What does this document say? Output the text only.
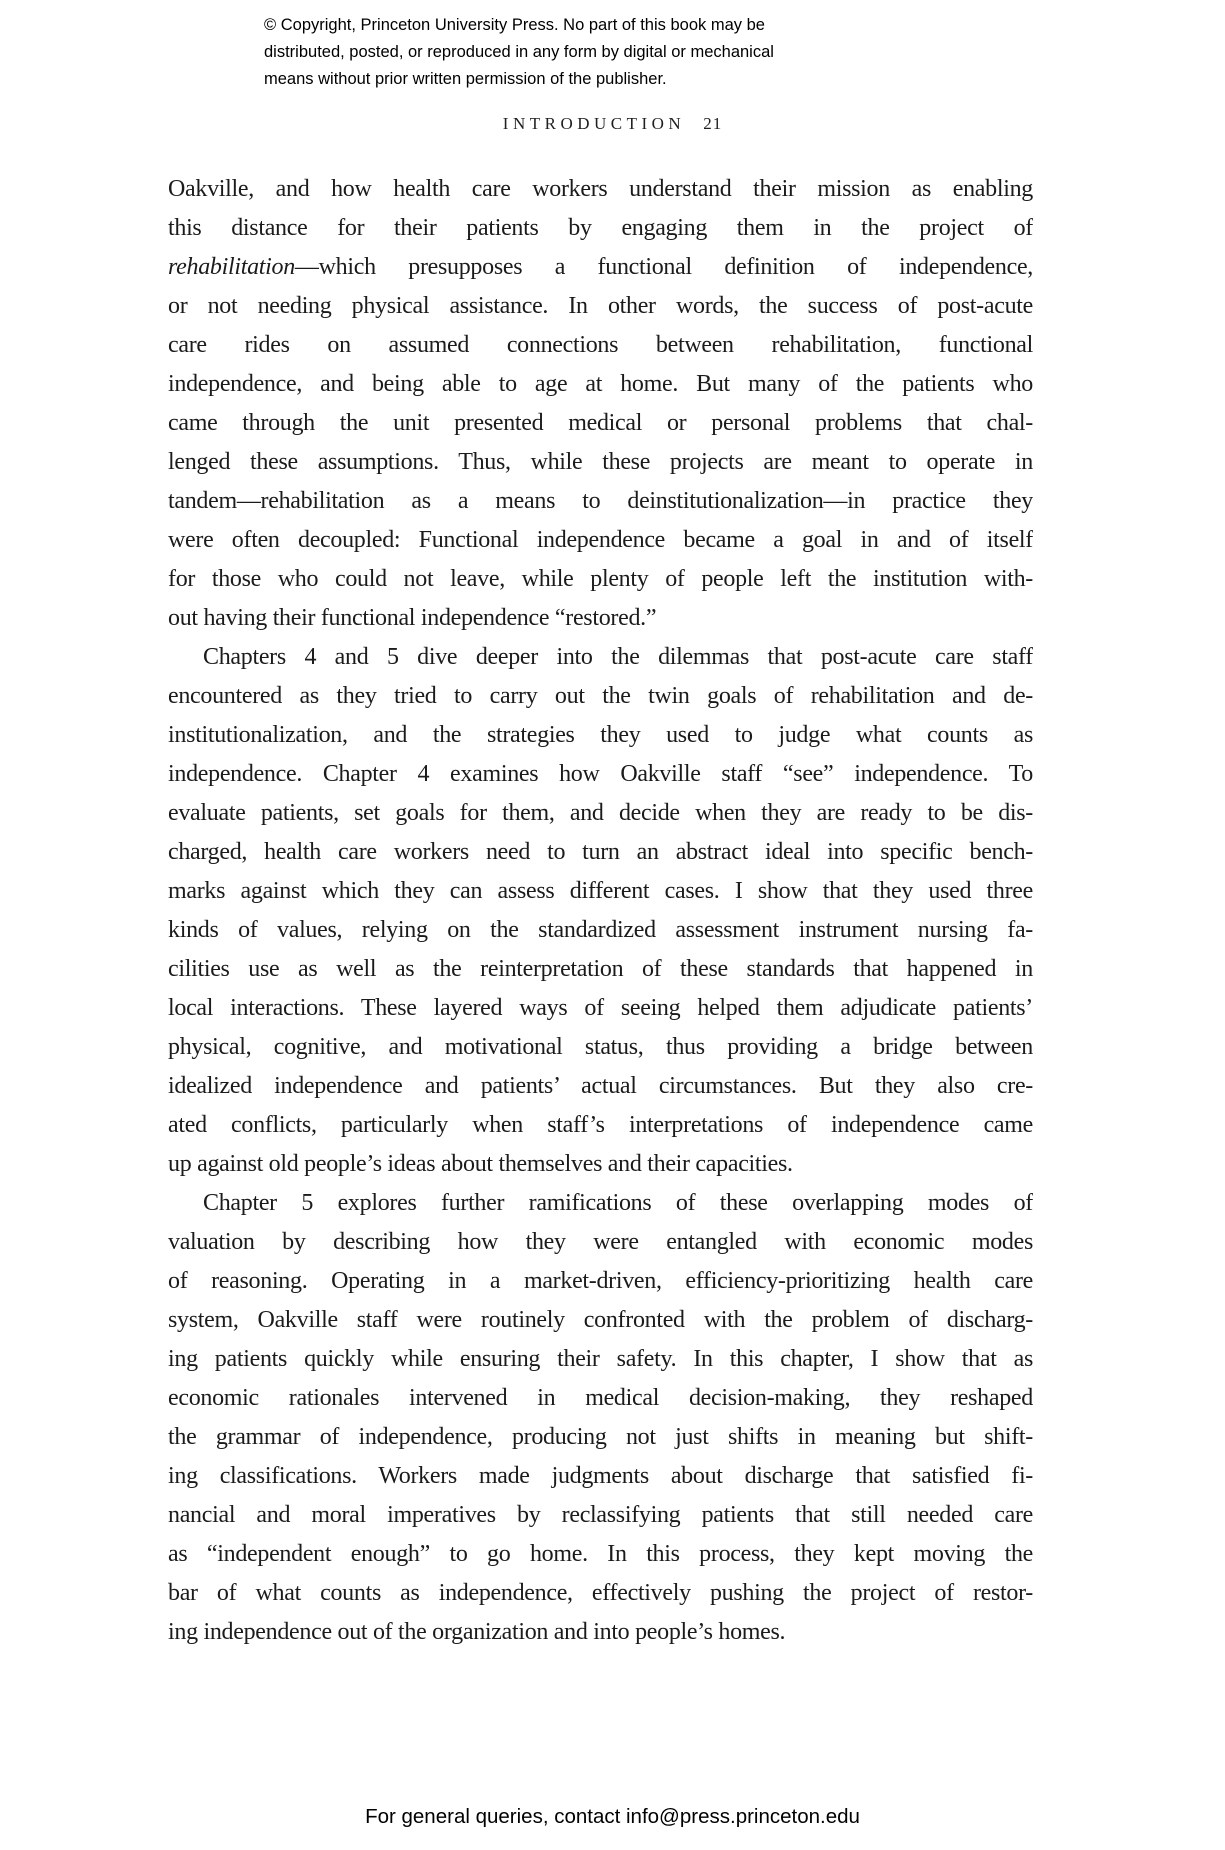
© Copyright, Princeton University Press. No part of this book may be
distributed, posted, or reproduced in any form by digital or mechanical
means without prior written permission of the publisher.
INTRODUCTION 21
Oakville, and how health care workers understand their mission as enabling
this distance for their patients by engaging them in the project of
rehabilitation—which presupposes a functional definition of independence,
or not needing physical assistance. In other words, the success of post-acute
care rides on assumed connections between rehabilitation, functional
independence, and being able to age at home. But many of the patients who
came through the unit presented medical or personal problems that chal-
lenged these assumptions. Thus, while these projects are meant to operate in
tandem—rehabilitation as a means to deinstitutionalization—in practice they
were often decoupled: Functional independence became a goal in and of itself
for those who could not leave, while plenty of people left the institution with-
out having their functional independence “restored.”
Chapters 4 and 5 dive deeper into the dilemmas that post-acute care staff
encountered as they tried to carry out the twin goals of rehabilitation and de-
institutionalization, and the strategies they used to judge what counts as
independence. Chapter 4 examines how Oakville staff “see” independence. To
evaluate patients, set goals for them, and decide when they are ready to be dis-
charged, health care workers need to turn an abstract ideal into specific bench-
marks against which they can assess different cases. I show that they used three
kinds of values, relying on the standardized assessment instrument nursing fa-
cilities use as well as the reinterpretation of these standards that happened in
local interactions. These layered ways of seeing helped them adjudicate patients’
physical, cognitive, and motivational status, thus providing a bridge between
idealized independence and patients’ actual circumstances. But they also cre-
ated conflicts, particularly when staff’s interpretations of independence came
up against old people’s ideas about themselves and their capacities.
Chapter 5 explores further ramifications of these overlapping modes of
valuation by describing how they were entangled with economic modes
of reasoning. Operating in a market-driven, efficiency-prioritizing health care
system, Oakville staff were routinely confronted with the problem of discharg-
ing patients quickly while ensuring their safety. In this chapter, I show that as
economic rationales intervened in medical decision-making, they reshaped
the grammar of independence, producing not just shifts in meaning but shift-
ing classifications. Workers made judgments about discharge that satisfied fi-
nancial and moral imperatives by reclassifying patients that still needed care
as “independent enough” to go home. In this process, they kept moving the
bar of what counts as independence, effectively pushing the project of restor-
ing independence out of the organization and into people’s homes.
For general queries, contact info@press.princeton.edu
